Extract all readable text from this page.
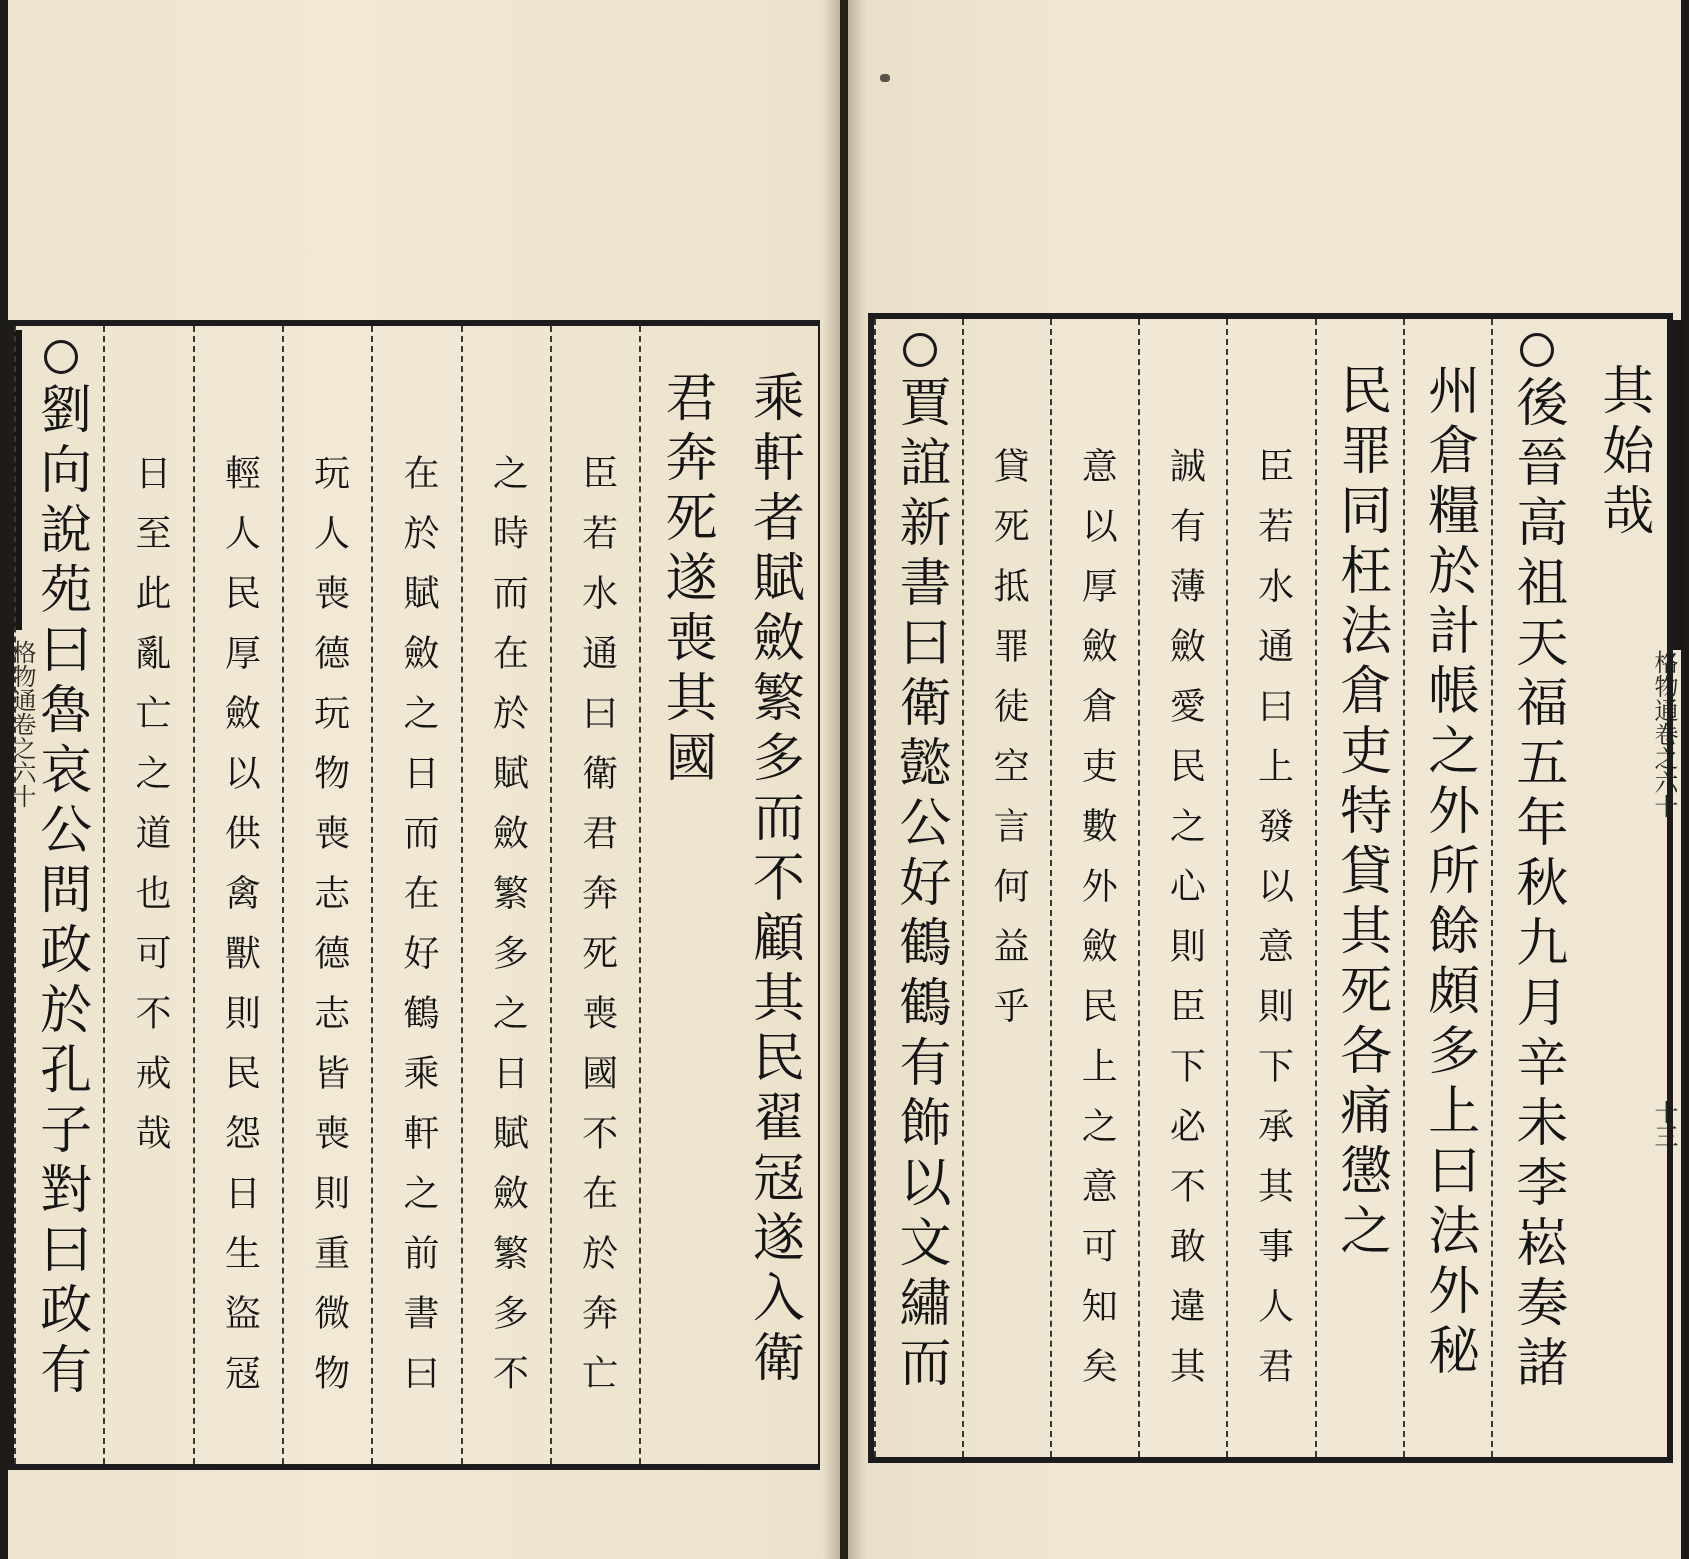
格物通卷之六十	格物通卷之六十
十三
乘軒者賦斂繁多而不顧其民翟冦遂入衛
君奔死遂喪其國
臣若水通曰衛君奔死喪國不在於奔亡
之時而在於賦斂繁多之日賦斂繁多不
在於賦斂之日而在好鶴乘軒之前書曰
玩人喪德玩物喪志德志皆喪則重微物
輕人民厚斂以供禽獸則民怨日生盜冦
日至此亂亡之道也可不戒哉
劉向說苑曰魯哀公問政於孔子對曰政有	其始哉
後晉高祖天福五年秋九月辛未李崧奏諸
州倉糧於計帳之外所餘頗多上曰法外秘
民罪同枉法倉吏特貸其死各痛懲之
臣若水通曰上發以意則下承其事人君
誠有薄斂愛民之心則臣下必不敢違其
意以厚斂倉吏數外斂民上之意可知矣
貸死抵罪徒空言何益乎
賈誼新書曰衛懿公好鶴鶴有飾以文繡而
